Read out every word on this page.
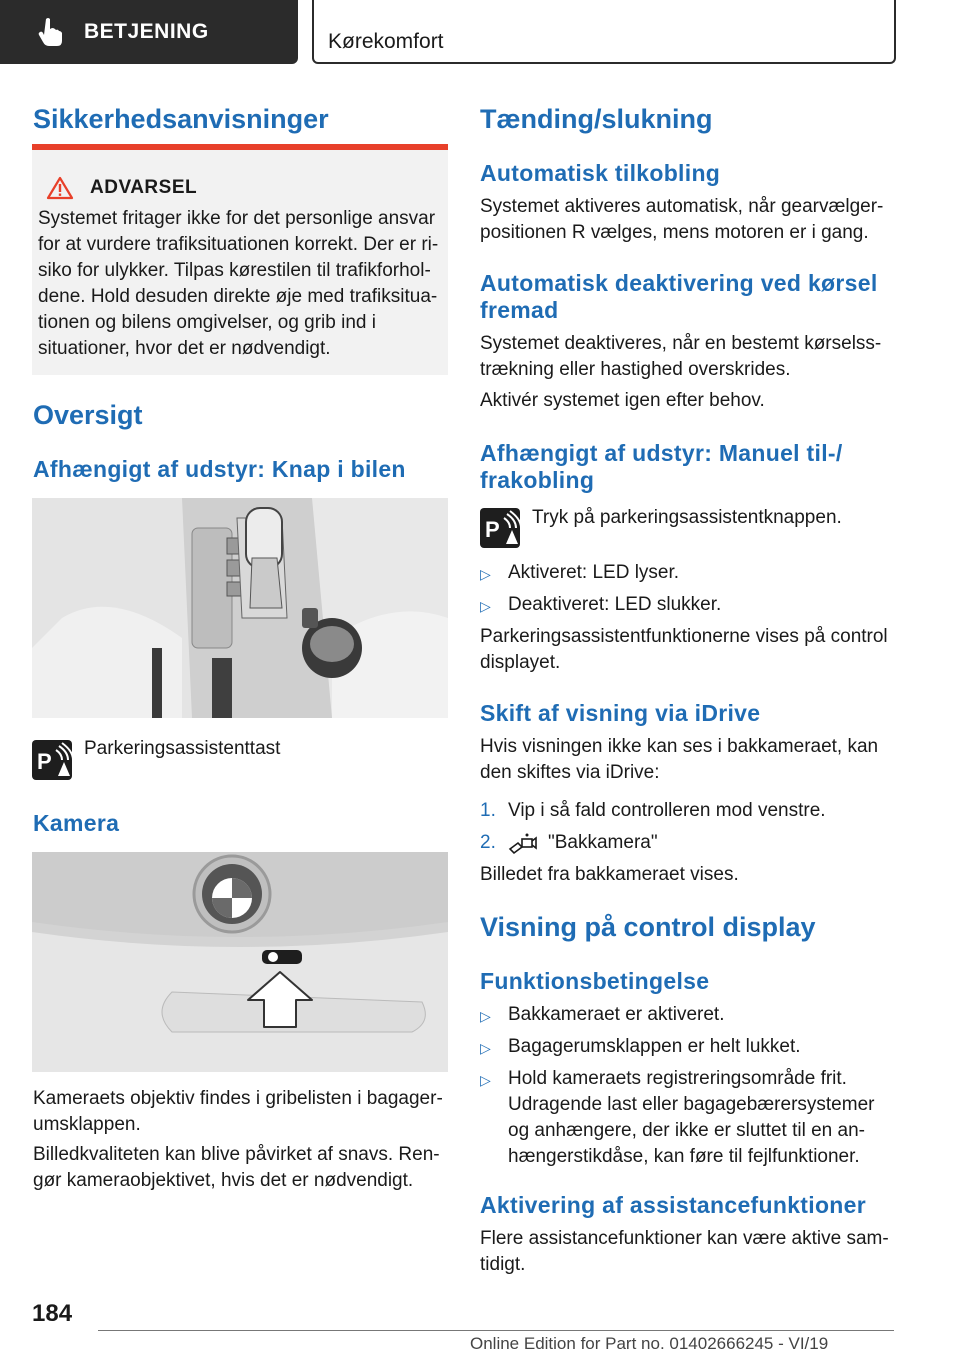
BETJENING	Kørekomfort
Sikkerhedsanvisninger
ADVARSEL
Systemet fritager ikke for det personlige ansvar
for at vurdere trafiksituationen korrekt. Der er ri-
siko for ulykker. Tilpas kørestilen til trafikforhol-
dene. Hold desuden direkte øje med trafiksitua-
tionen og bilens omgivelser, og grib ind i
situationer, hvor det er nødvendigt.
Oversigt
Afhængigt af udstyr: Knap i bilen
P
Parkeringsassistenttast
Kamera
Kameraets objektiv findes i gribelisten i bagager-
umsklappen.
Billedkvaliteten kan blive påvirket af snavs. Ren-
gør kameraobjektivet, hvis det er nødvendigt.
Tænding/slukning
Automatisk tilkobling
Systemet aktiveres automatisk, når gearvælger-
positionen R vælges, mens motoren er i gang.
Automatisk deaktivering ved kørsel
fremad
Systemet deaktiveres, når en bestemt kørselss-
trækning eller hastighed overskrides.
Aktivér systemet igen efter behov.
Afhængigt af udstyr: Manuel til-/
frakobling
P Tryk på parkeringsassistentknappen.
▷ Aktiveret: LED lyser.
▷ Deaktiveret: LED slukker.
Parkeringsassistentfunktionerne vises på control
displayet.
Skift af visning via iDrive
Hvis visningen ikke kan ses i bakkameraet, kan
den skiftes via iDrive:
1. Vip i så fald controlleren mod venstre.
2.	"Bakkamera"
Billedet fra bakkameraet vises.
Visning på control display
Funktionsbetingelse
▷ Bakkameraet er aktiveret.
▷ Bagagerumsklappen er helt lukket.
▷ Hold kameraets registreringsområde frit.
Udragende last eller bagagebærersystemer
og anhængere, der ikke er sluttet til en an-
hængerstikdåse, kan føre til fejlfunktioner.
Aktivering af assistancefunktioner
Flere assistancefunktioner kan være aktive sam-
tidigt.
184
Online Edition for Part no. 01402666245 - VI/19
